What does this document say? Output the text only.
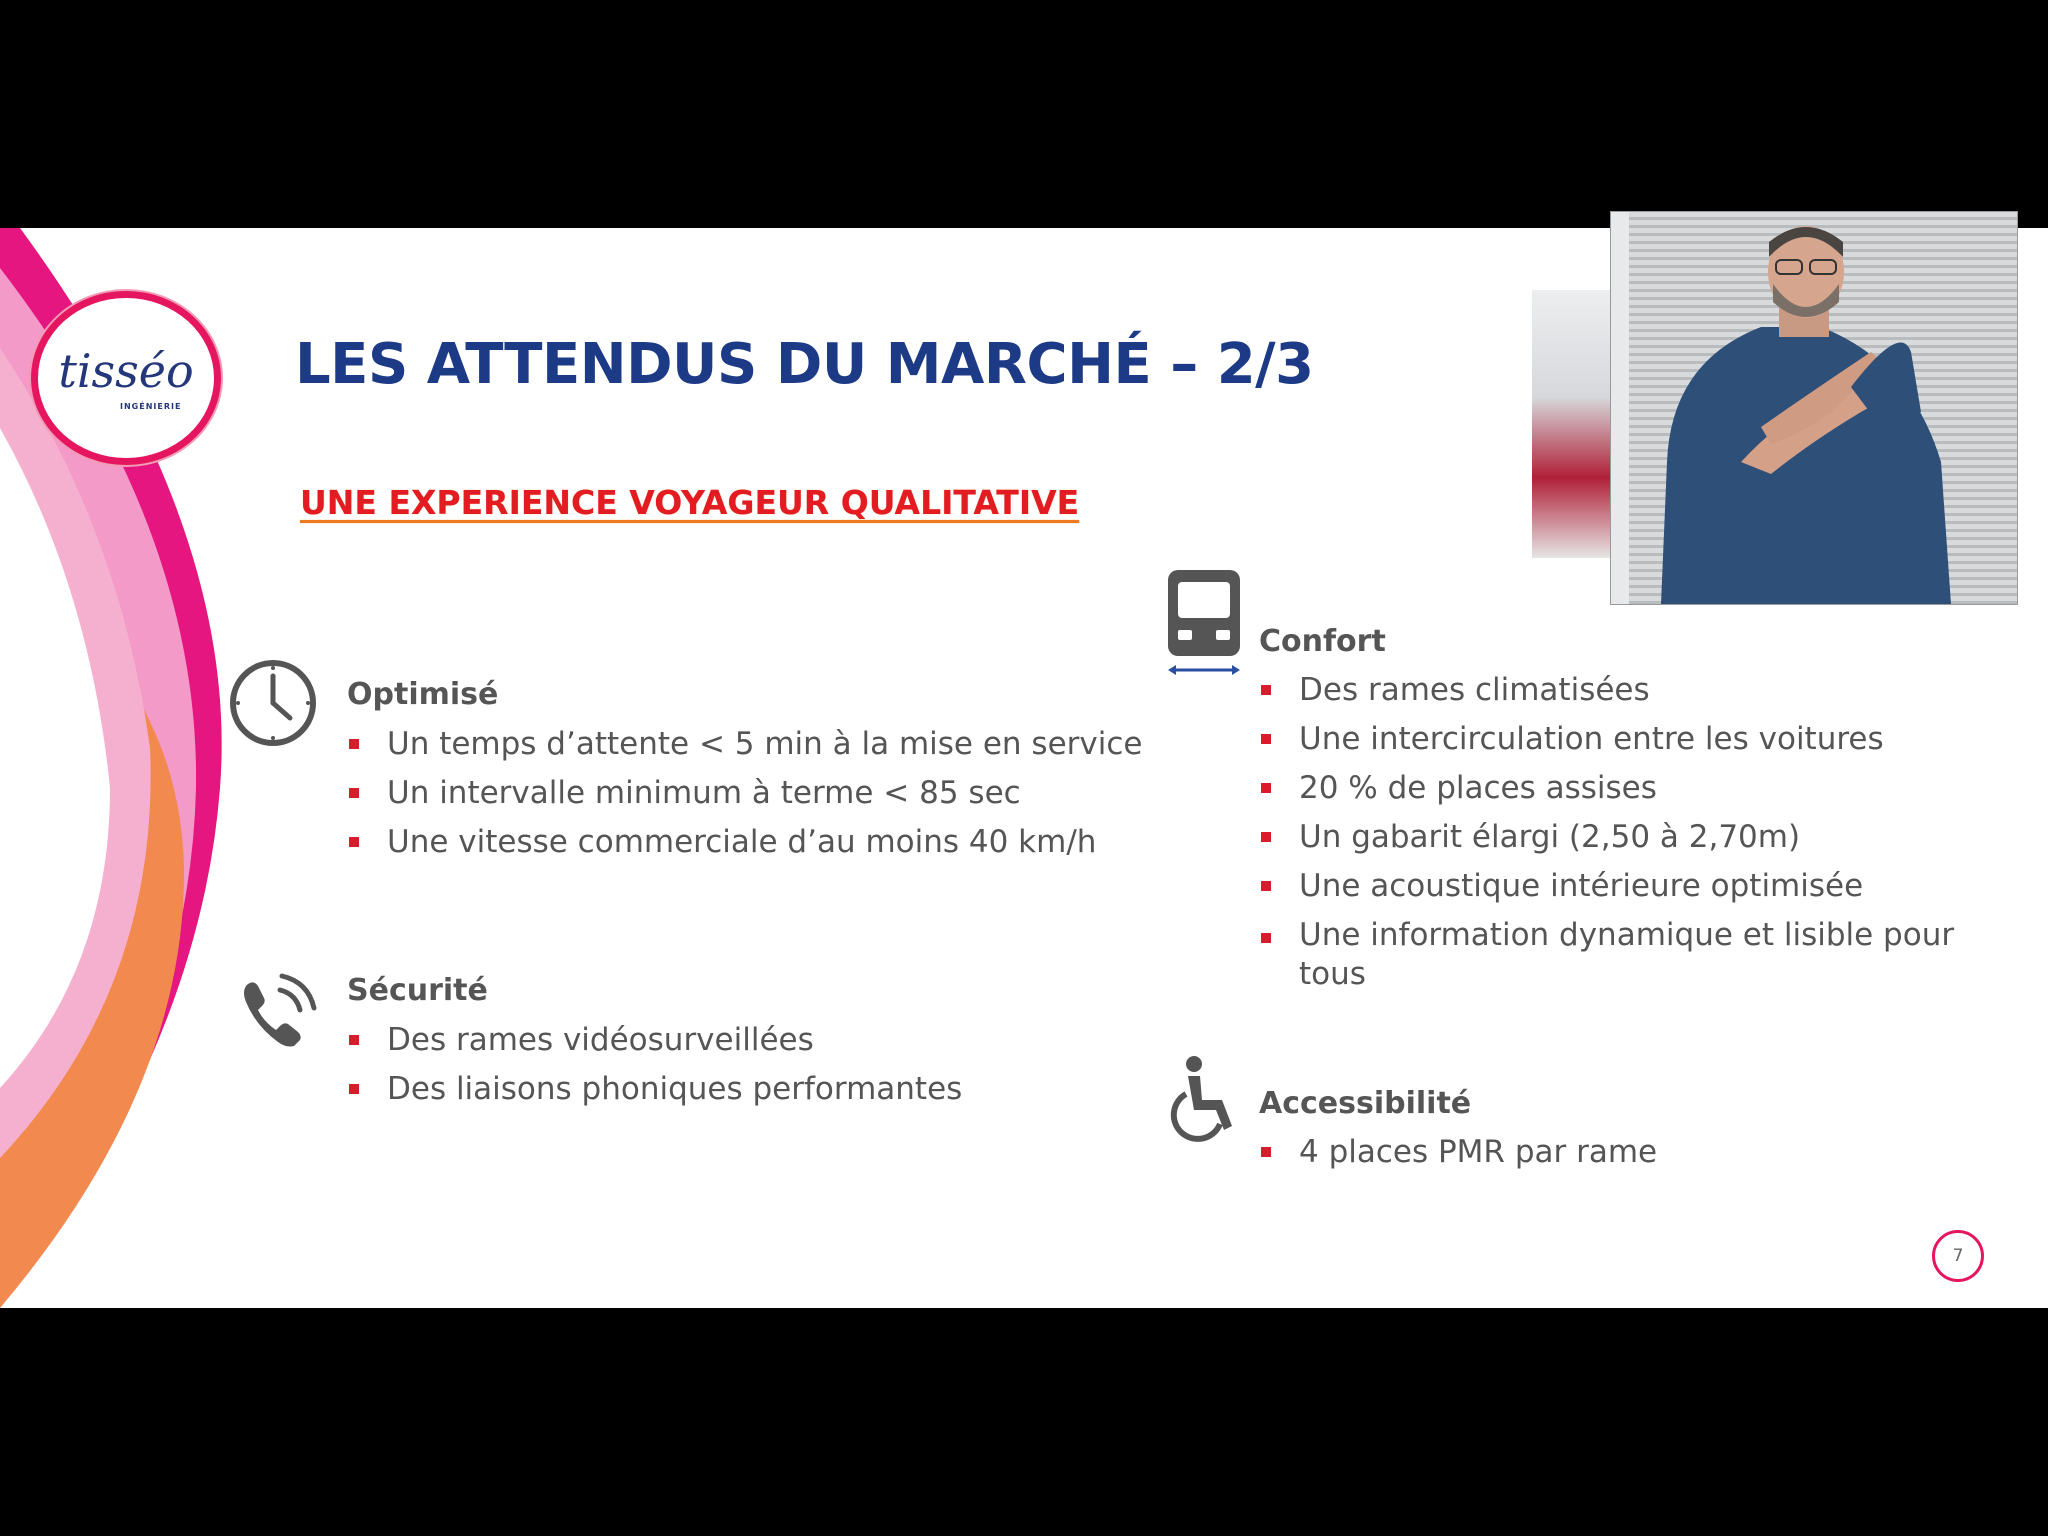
tisséo
INGÉNIERIE
LES ATTENDUS DU MARCHÉ – 2/3
UNE EXPERIENCE VOYAGEUR QUALITATIVE
Optimisé
Un temps d’attente < 5 min à la mise en service
Un intervalle minimum à terme < 85 sec
Une vitesse commerciale d’au moins 40 km/h
Sécurité
Des rames vidéosurveillées
Des liaisons phoniques performantes
Confort
Des rames climatisées
Une intercirculation entre les voitures
20 % de places assises
Un gabarit élargi (2,50 à 2,70m)
Une acoustique intérieure optimisée
Une information dynamique et lisible pour tous
Accessibilité
4 places PMR par rame
7
